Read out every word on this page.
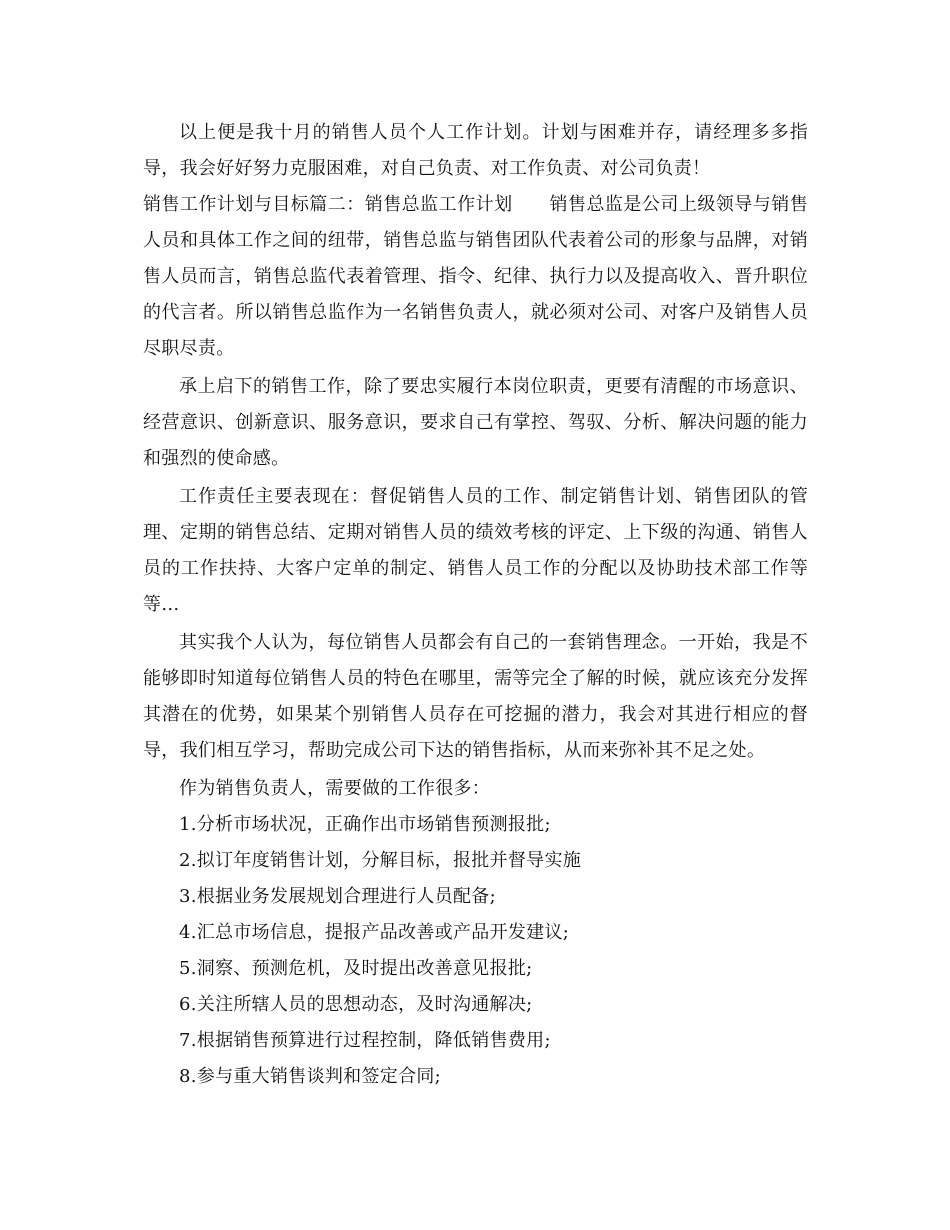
以上便是我十月的销售人员个人工作计划。计划与困难并存，请经理多多指导，我会好好努力克服困难，对自己负责、对工作负责、对公司负责！

销售工作计划与目标篇二：销售总监工作计划　　销售总监是公司上级领导与销售人员和具体工作之间的纽带，销售总监与销售团队代表着公司的形象与品牌，对销售人员而言，销售总监代表着管理、指令、纪律、执行力以及提高收入、晋升职位的代言者。所以销售总监作为一名销售负责人，就必须对公司、对客户及销售人员尽职尽责。

承上启下的销售工作，除了要忠实履行本岗位职责，更要有清醒的市场意识、经营意识、创新意识、服务意识，要求自己有掌控、驾驭、分析、解决问题的能力和强烈的使命感。

工作责任主要表现在：督促销售人员的工作、制定销售计划、销售团队的管理、定期的销售总结、定期对销售人员的绩效考核的评定、上下级的沟通、销售人员的工作扶持、大客户定单的制定、销售人员工作的分配以及协助技术部工作等等…

其实我个人认为，每位销售人员都会有自己的一套销售理念。一开始，我是不能够即时知道每位销售人员的特色在哪里，需等完全了解的时候，就应该充分发挥其潜在的优势，如果某个别销售人员存在可挖掘的潜力，我会对其进行相应的督导，我们相互学习，帮助完成公司下达的销售指标，从而来弥补其不足之处。

作为销售负责人，需要做的工作很多：

1.分析市场状况，正确作出市场销售预测报批;
2.拟订年度销售计划，分解目标，报批并督导实施
3.根据业务发展规划合理进行人员配备;
4.汇总市场信息，提报产品改善或产品开发建议;
5.洞察、预测危机，及时提出改善意见报批;
6.关注所辖人员的思想动态，及时沟通解决;
7.根据销售预算进行过程控制，降低销售费用;
8.参与重大销售谈判和签定合同;
